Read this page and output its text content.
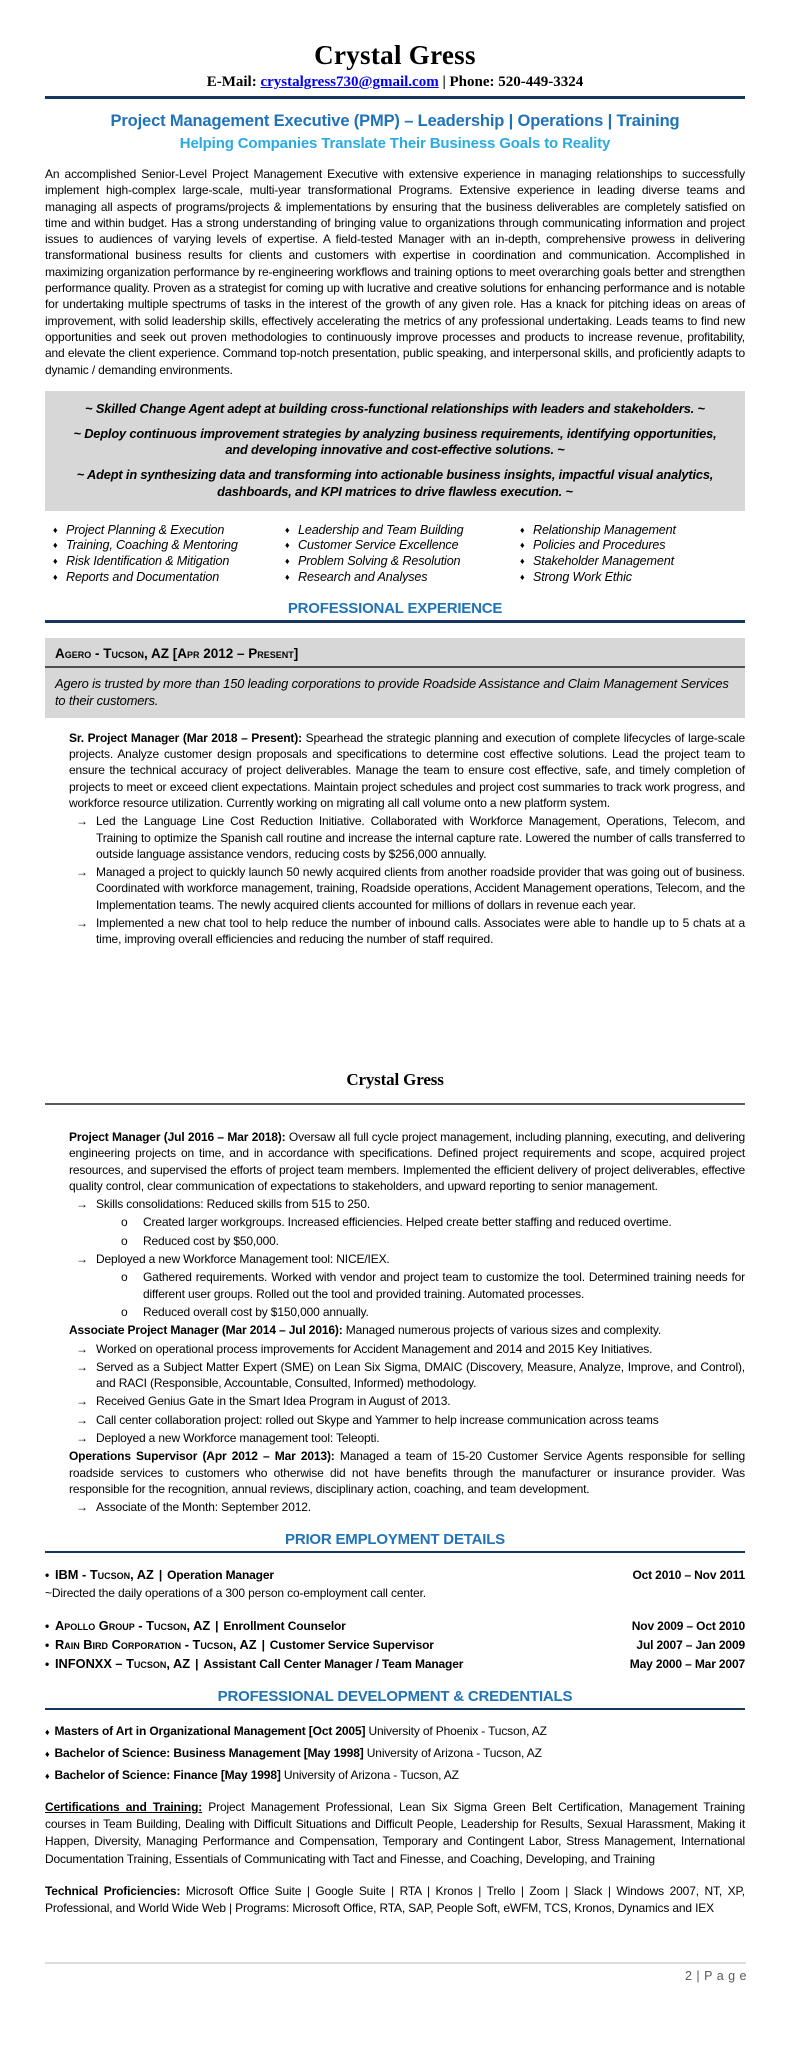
Crystal Gress
E-Mail: crystalgress730@gmail.com | Phone: 520-449-3324
Project Management Executive (PMP) – Leadership | Operations | Training
Helping Companies Translate Their Business Goals to Reality

An accomplished Senior-Level Project Management Executive with extensive experience in managing relationships to successfully implement high-complex large-scale, multi-year transformational Programs. Extensive experience in leading diverse teams and managing all aspects of programs/projects & implementations by ensuring that the business deliverables are completely satisfied on time and within budget. Has a strong understanding of bringing value to organizations through communicating information and project issues to audiences of varying levels of expertise. A field-tested Manager with an in-depth, comprehensive prowess in delivering transformational business results for clients and customers with expertise in coordination and communication. Accomplished in maximizing organization performance by re-engineering workflows and training options to meet overarching goals better and strengthen performance quality. Proven as a strategist for coming up with lucrative and creative solutions for enhancing performance and is notable for undertaking multiple spectrums of tasks in the interest of the growth of any given role. Has a knack for pitching ideas on areas of improvement, with solid leadership skills, effectively accelerating the metrics of any professional undertaking. Leads teams to find new opportunities and seek out proven methodologies to continuously improve processes and products to increase revenue, profitability, and elevate the client experience. Command top-notch presentation, public speaking, and interpersonal skills, and proficiently adapts to dynamic / demanding environments.

~ Skilled Change Agent adept at building cross-functional relationships with leaders and stakeholders. ~

~ Deploy continuous improvement strategies by analyzing business requirements, identifying opportunities, and developing innovative and cost-effective solutions. ~

~ Adept in synthesizing data and transforming into actionable business insights, impactful visual analytics, dashboards, and KPI matrices to drive flawless execution. ~

♦ Project Planning & Execution
♦ Training, Coaching & Mentoring
♦ Risk Identification & Mitigation
♦ Reports and Documentation
♦ Leadership and Team Building
♦ Customer Service Excellence
♦ Problem Solving & Resolution
♦ Research and Analyses
♦ Relationship Management
♦ Policies and Procedures
♦ Stakeholder Management
♦ Strong Work Ethic
PROFESSIONAL EXPERIENCE
Agero - Tucson, AZ [Apr 2012 – Present]

Agero is trusted by more than 150 leading corporations to provide Roadside Assistance and Claim Management Services to their customers.

Sr. Project Manager (Mar 2018 – Present): Spearhead the strategic planning and execution of complete lifecycles of large-scale projects. Analyze customer design proposals and specifications to determine cost effective solutions. Lead the project team to ensure the technical accuracy of project deliverables. Manage the team to ensure cost effective, safe, and timely completion of projects to meet or exceed client expectations. Maintain project schedules and project cost summaries to track work progress, and workforce resource utilization. Currently working on migrating all call volume onto a new platform system.

→ Led the Language Line Cost Reduction Initiative. Collaborated with Workforce Management, Operations, Telecom, and Training to optimize the Spanish call routine and increase the internal capture rate. Lowered the number of calls transferred to outside language assistance vendors, reducing costs by $256,000 annually.
→ Managed a project to quickly launch 50 newly acquired clients from another roadside provider that was going out of business. Coordinated with workforce management, training, Roadside operations, Accident Management operations, Telecom, and the Implementation teams. The newly acquired clients accounted for millions of dollars in revenue each year.
→ Implemented a new chat tool to help reduce the number of inbound calls. Associates were able to handle up to 5 chats at a time, improving overall efficiencies and reducing the number of staff required.
Crystal Gress

Project Manager (Jul 2016 – Mar 2018): Oversaw all full cycle project management, including planning, executing, and delivering engineering projects on time, and in accordance with specifications. Defined project requirements and scope, acquired project resources, and supervised the efforts of project team members. Implemented the efficient delivery of project deliverables, effective quality control, clear communication of expectations to stakeholders, and upward reporting to senior management.

→ Skills consolidations: Reduced skills from 515 to 250.
o	Created larger workgroups. Increased efficiencies. Helped create better staffing and reduced overtime.
o	Reduced cost by $50,000.
→ Deployed a new Workforce Management tool: NICE/IEX.
o	Gathered requirements. Worked with vendor and project team to customize the tool. Determined training needs for different user groups. Rolled out the tool and provided training. Automated processes.
o	Reduced overall cost by $150,000 annually.

Associate Project Manager (Mar 2014 – Jul 2016): Managed numerous projects of various sizes and complexity.

→ Worked on operational process improvements for Accident Management and 2014 and 2015 Key Initiatives.
→ Served as a Subject Matter Expert (SME) on Lean Six Sigma, DMAIC (Discovery, Measure, Analyze, Improve, and Control), and RACI (Responsible, Accountable, Consulted, Informed) methodology.
→ Received Genius Gate in the Smart Idea Program in August of 2013.
→ Call center collaboration project: rolled out Skype and Yammer to help increase communication across teams
→ Deployed a new Workforce management tool: Teleopti.

Operations Supervisor (Apr 2012 – Mar 2013): Managed a team of 15-20 Customer Service Agents responsible for selling roadside services to customers who otherwise did not have benefits through the manufacturer or insurance provider. Was responsible for the recognition, annual reviews, disciplinary action, coaching, and team development.

→ Associate of the Month: September 2012.
PRIOR EMPLOYMENT DETAILS
• IBM - Tucson, AZ | Operation Manager	Oct 2010 – Nov 2011
~Directed the daily operations of a 300 person co-employment call center.
• Apollo Group - Tucson, AZ | Enrollment Counselor	Nov 2009 – Oct 2010
• Rain Bird Corporation - Tucson, AZ | Customer Service Supervisor	Jul 2007 – Jan 2009
• INFONXX – Tucson, AZ | Assistant Call Center Manager / Team Manager	May 2000 – Mar 2007
PROFESSIONAL DEVELOPMENT & CREDENTIALS

♦ Masters of Art in Organizational Management [Oct 2005] University of Phoenix - Tucson, AZ

♦ Bachelor of Science: Business Management [May 1998] University of Arizona - Tucson, AZ

♦ Bachelor of Science: Finance [May 1998] University of Arizona - Tucson, AZ

Certifications and Training: Project Management Professional, Lean Six Sigma Green Belt Certification, Management Training courses in Team Building, Dealing with Difficult Situations and Difficult People, Leadership for Results, Sexual Harassment, Making it Happen, Diversity, Managing Performance and Compensation, Temporary and Contingent Labor, Stress Management, International Documentation Training, Essentials of Communicating with Tact and Finesse, and Coaching, Developing, and Training

Technical Proficiencies: Microsoft Office Suite | Google Suite | RTA | Kronos | Trello | Zoom | Slack | Windows 2007, NT, XP, Professional, and World Wide Web | Programs: Microsoft Office, RTA, SAP, People Soft, eWFM, TCS, Kronos, Dynamics and IEX

2 | P a g e
